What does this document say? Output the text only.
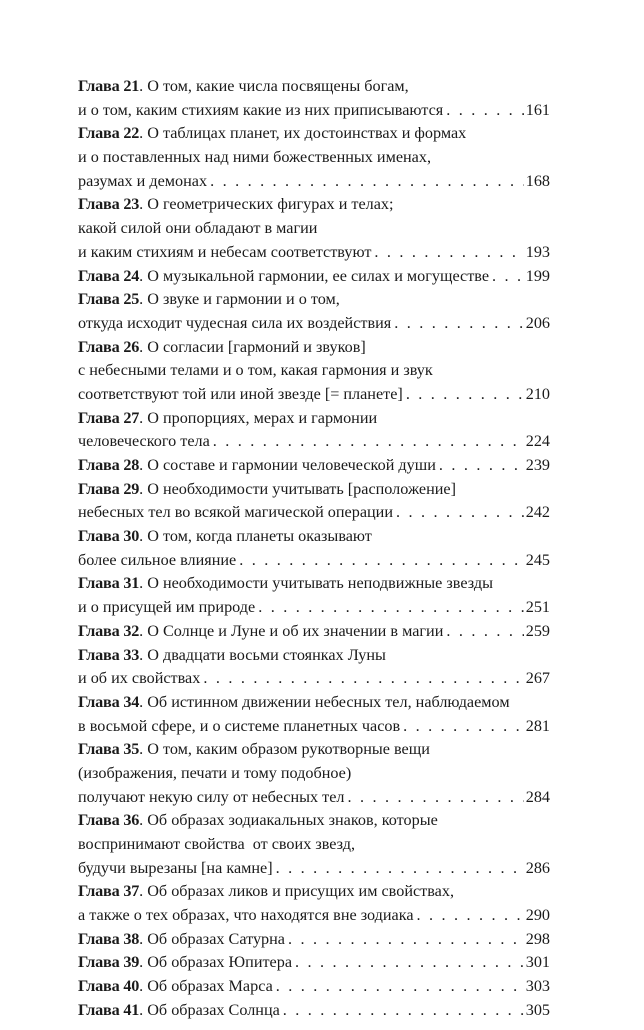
Глава 21 . О том, какие числа посвящены богам,
и о том, каким стихиям какие из них приписываются . . .	161
Глава 22 . О таблицах планет, их достоинствах и формах
и о поставленных над ними божественных именах,
разумах и демонах . . .	168
Глава 23 . О геометрических фигурах и телах;
какой силой они обладают в магии
и каким стихиям и небесам соответствуют . . .	193
Глава 24 . О музыкальной гармонии, ее силах и могуществе . . . 199
Глава 25 . О звуке и гармонии и о том,
откуда исходит чудесная сила их воздействия . . .	206
Глава 26 . О согласии [гармоний и звуков]
с небесными телами и о том, какая гармония и звук
соответствуют той или иной звезде [= планете] . . .	210
Глава 27 . О пропорциях, мерах и гармонии
человеческого тела . . .	224
Глава 28 . О составе и гармонии человеческой души . . .	239
Глава 29 . О необходимости учитывать [расположение]
небесных тел во всякой магической операции . . .	242
Глава 30 . О том, когда планеты оказывают
более сильное влияние . . .	245
Глава 31 . О необходимости учитывать неподвижные звезды
и о присущей им природе . . .	251
Глава 32 . О Солнце и Луне и об их значении в магии . . .	259
Глава 33 . О двадцати восьми стоянках Луны
и об их свойствах . . .	267
Глава 34 . Об истинном движении небесных тел, наблюдаемом
в восьмой сфере, и о системе планетных часов . . .	281
Глава 35 . О том, каким образом рукотворные вещи
(изображения, печати и тому подобное)
получают некую силу от небесных тел . . .	284
Глава 36 . Об образах зодиакальных знаков, которые
воспринимают свойства  от своих звезд,
будучи вырезаны [на камне] . . .	286
Глава 37 . Об образах ликов и присущих им свойствах,
а также о тех образах, что находятся вне зодиака . . .	290
Глава 38 . Об образах Сатурна . . .	298
Глава 39 . Об образах Юпитера . . .	301
Глава 40 . Об образах Марса . . .	303
Глава 41 . Об образах Солнца . . .	305
